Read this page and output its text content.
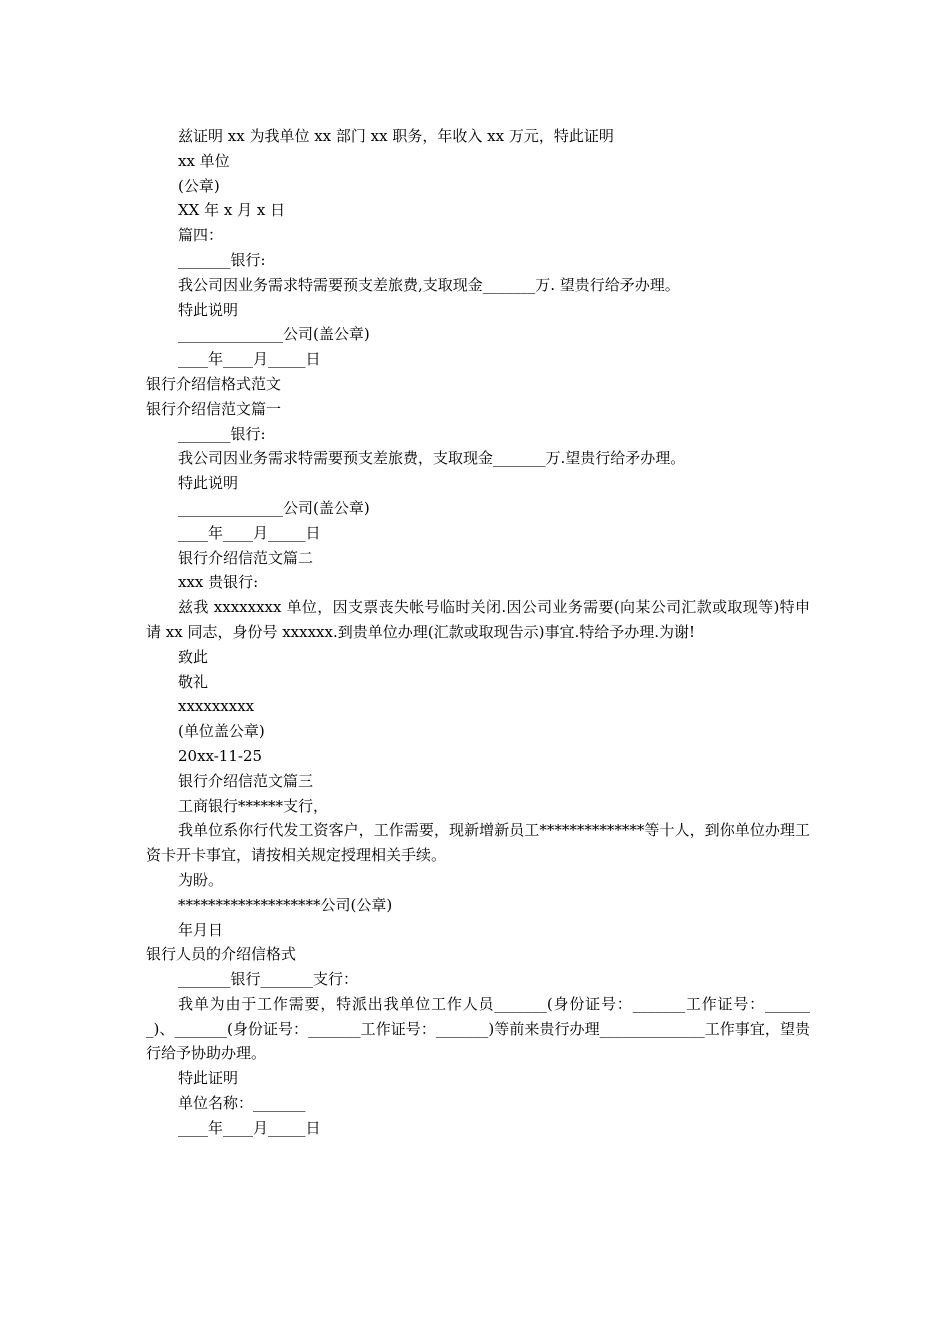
兹证明 xx 为我单位 xx 部门 xx 职务，年收入 xx 万元，特此证明
xx 单位
(公章)
XX 年 x 月 x 日
篇四：
_______银行:
我公司因业务需求特需要预支差旅费,支取现金_______万. 望贵行给矛办理。
特此说明
______________公司(盖公章)
____年____月_____日
银行介绍信格式范文
银行介绍信范文篇一
_______银行:
我公司因业务需求特需要预支差旅费，支取现金_______万.望贵行给矛办理。
特此说明
______________公司(盖公章)
____年____月_____日
银行介绍信范文篇二
xxx 贵银行:
兹我 xxxxxxxx 单位，因支票丧失帐号临时关闭.因公司业务需要(向某公司汇款或取现等)特申请 xx 同志，身份号 xxxxxx.到贵单位办理(汇款或取现告示)事宜.特给予办理.为谢!
致此
敬礼
xxxxxxxxx
(单位盖公章)
20xx-11-25
银行介绍信范文篇三
工商银行******支行，
我单位系你行代发工资客户，工作需要，现新增新员工**************等十人，到你单位办理工资卡开卡事宜，请按相关规定授理相关手续。
为盼。
*******************公司(公章)
年月日
银行人员的介绍信格式
_______银行_______支行：
我单为由于工作需要，特派出我单位工作人员_______(身份证号：_______工作证号：_______)、_______(身份证号：_______工作证号：_______)等前来贵行办理______________工作事宜，望贵行给予协助办理。
特此证明
单位名称：_______
____年____月_____日
